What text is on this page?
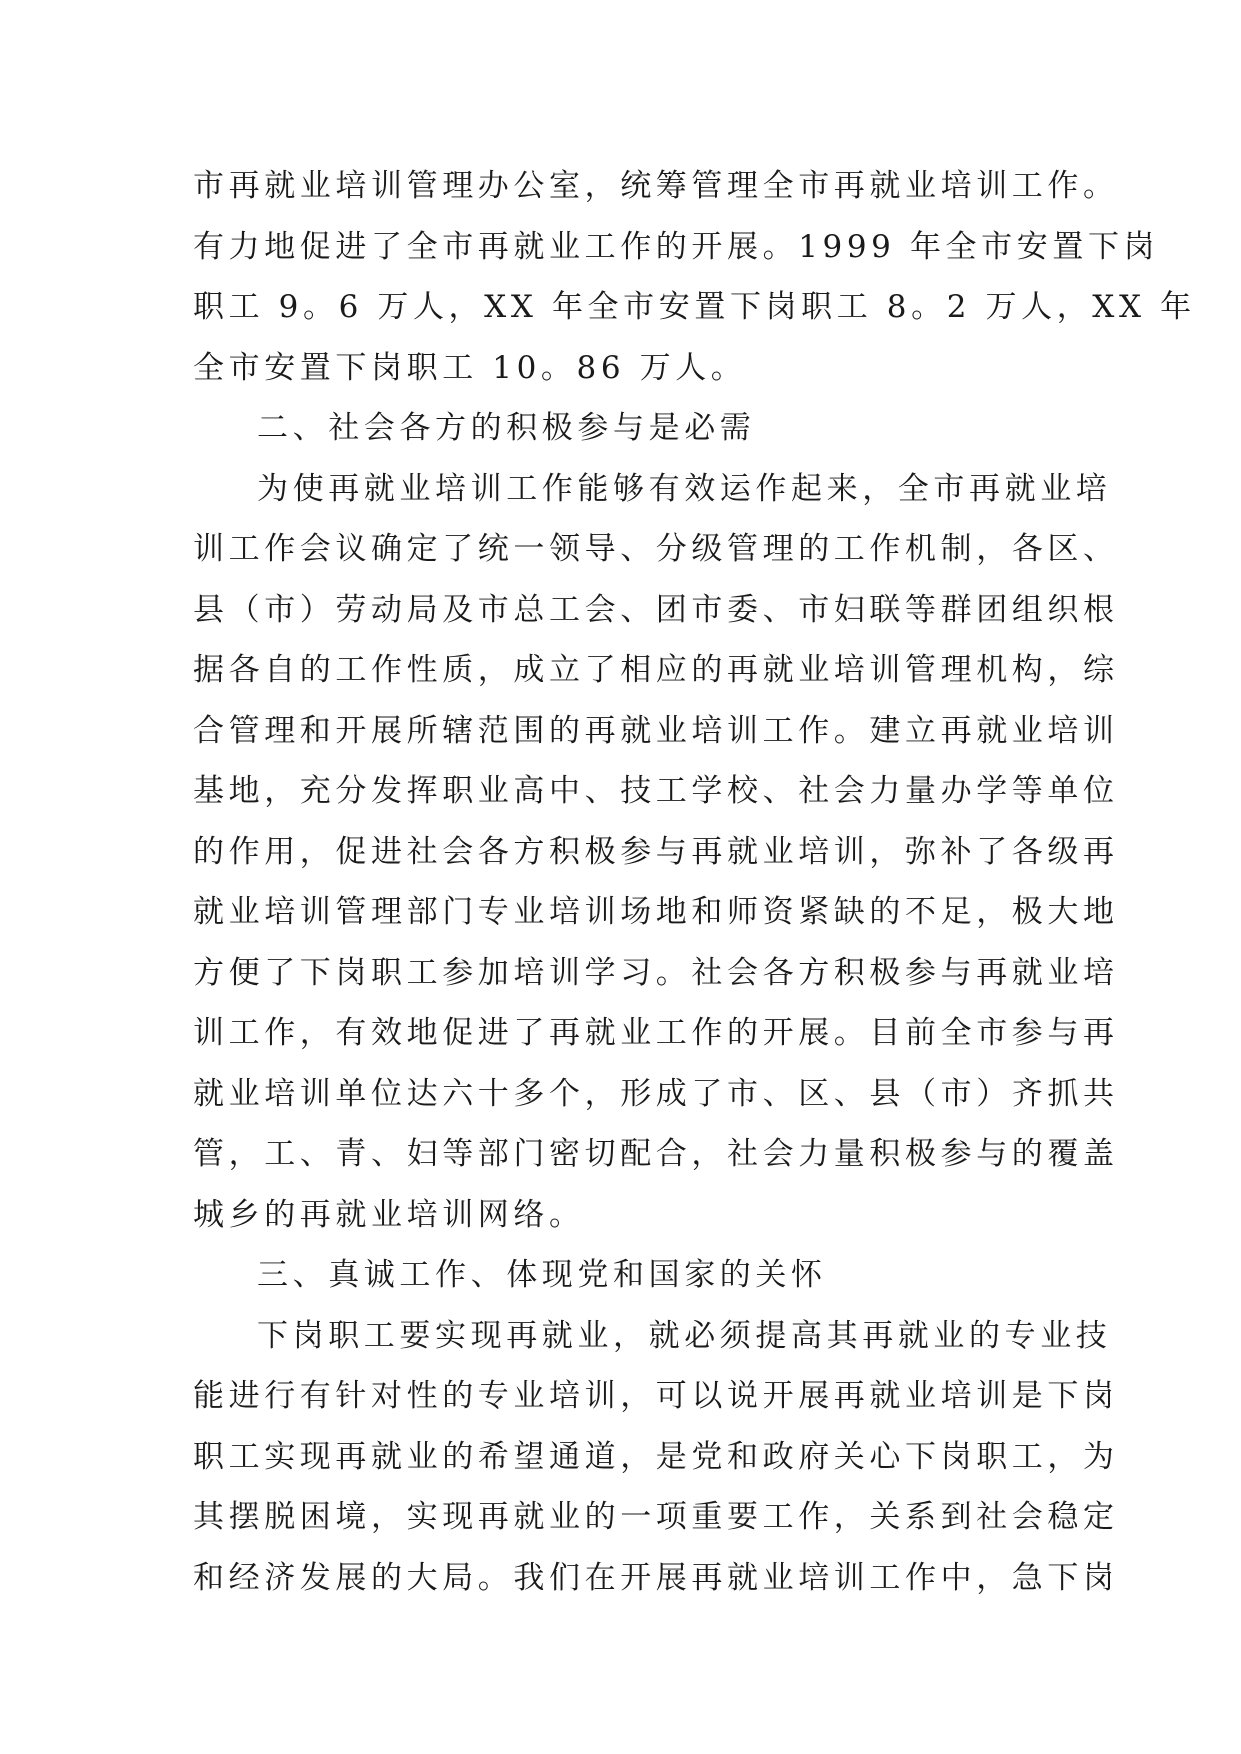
市再就业培训管理办公室，统筹管理全市再就业培训工作。
有力地促进了全市再就业工作的开展。1999 年全市安置下岗
职工 9。6 万人，XX 年全市安置下岗职工 8。2 万人，XX 年
全市安置下岗职工 10。86 万人。
二、社会各方的积极参与是必需
为使再就业培训工作能够有效运作起来，全市再就业培
训工作会议确定了统一领导、分级管理的工作机制，各区、
县（市）劳动局及市总工会、团市委、市妇联等群团组织根
据各自的工作性质，成立了相应的再就业培训管理机构，综
合管理和开展所辖范围的再就业培训工作。建立再就业培训
基地，充分发挥职业高中、技工学校、社会力量办学等单位
的作用，促进社会各方积极参与再就业培训，弥补了各级再
就业培训管理部门专业培训场地和师资紧缺的不足，极大地
方便了下岗职工参加培训学习。社会各方积极参与再就业培
训工作，有效地促进了再就业工作的开展。目前全市参与再
就业培训单位达六十多个，形成了市、区、县（市）齐抓共
管，工、青、妇等部门密切配合，社会力量积极参与的覆盖
城乡的再就业培训网络。
三、真诚工作、体现党和国家的关怀
下岗职工要实现再就业，就必须提高其再就业的专业技
能进行有针对性的专业培训，可以说开展再就业培训是下岗
职工实现再就业的希望通道，是党和政府关心下岗职工，为
其摆脱困境，实现再就业的一项重要工作，关系到社会稳定
和经济发展的大局。我们在开展再就业培训工作中，急下岗
